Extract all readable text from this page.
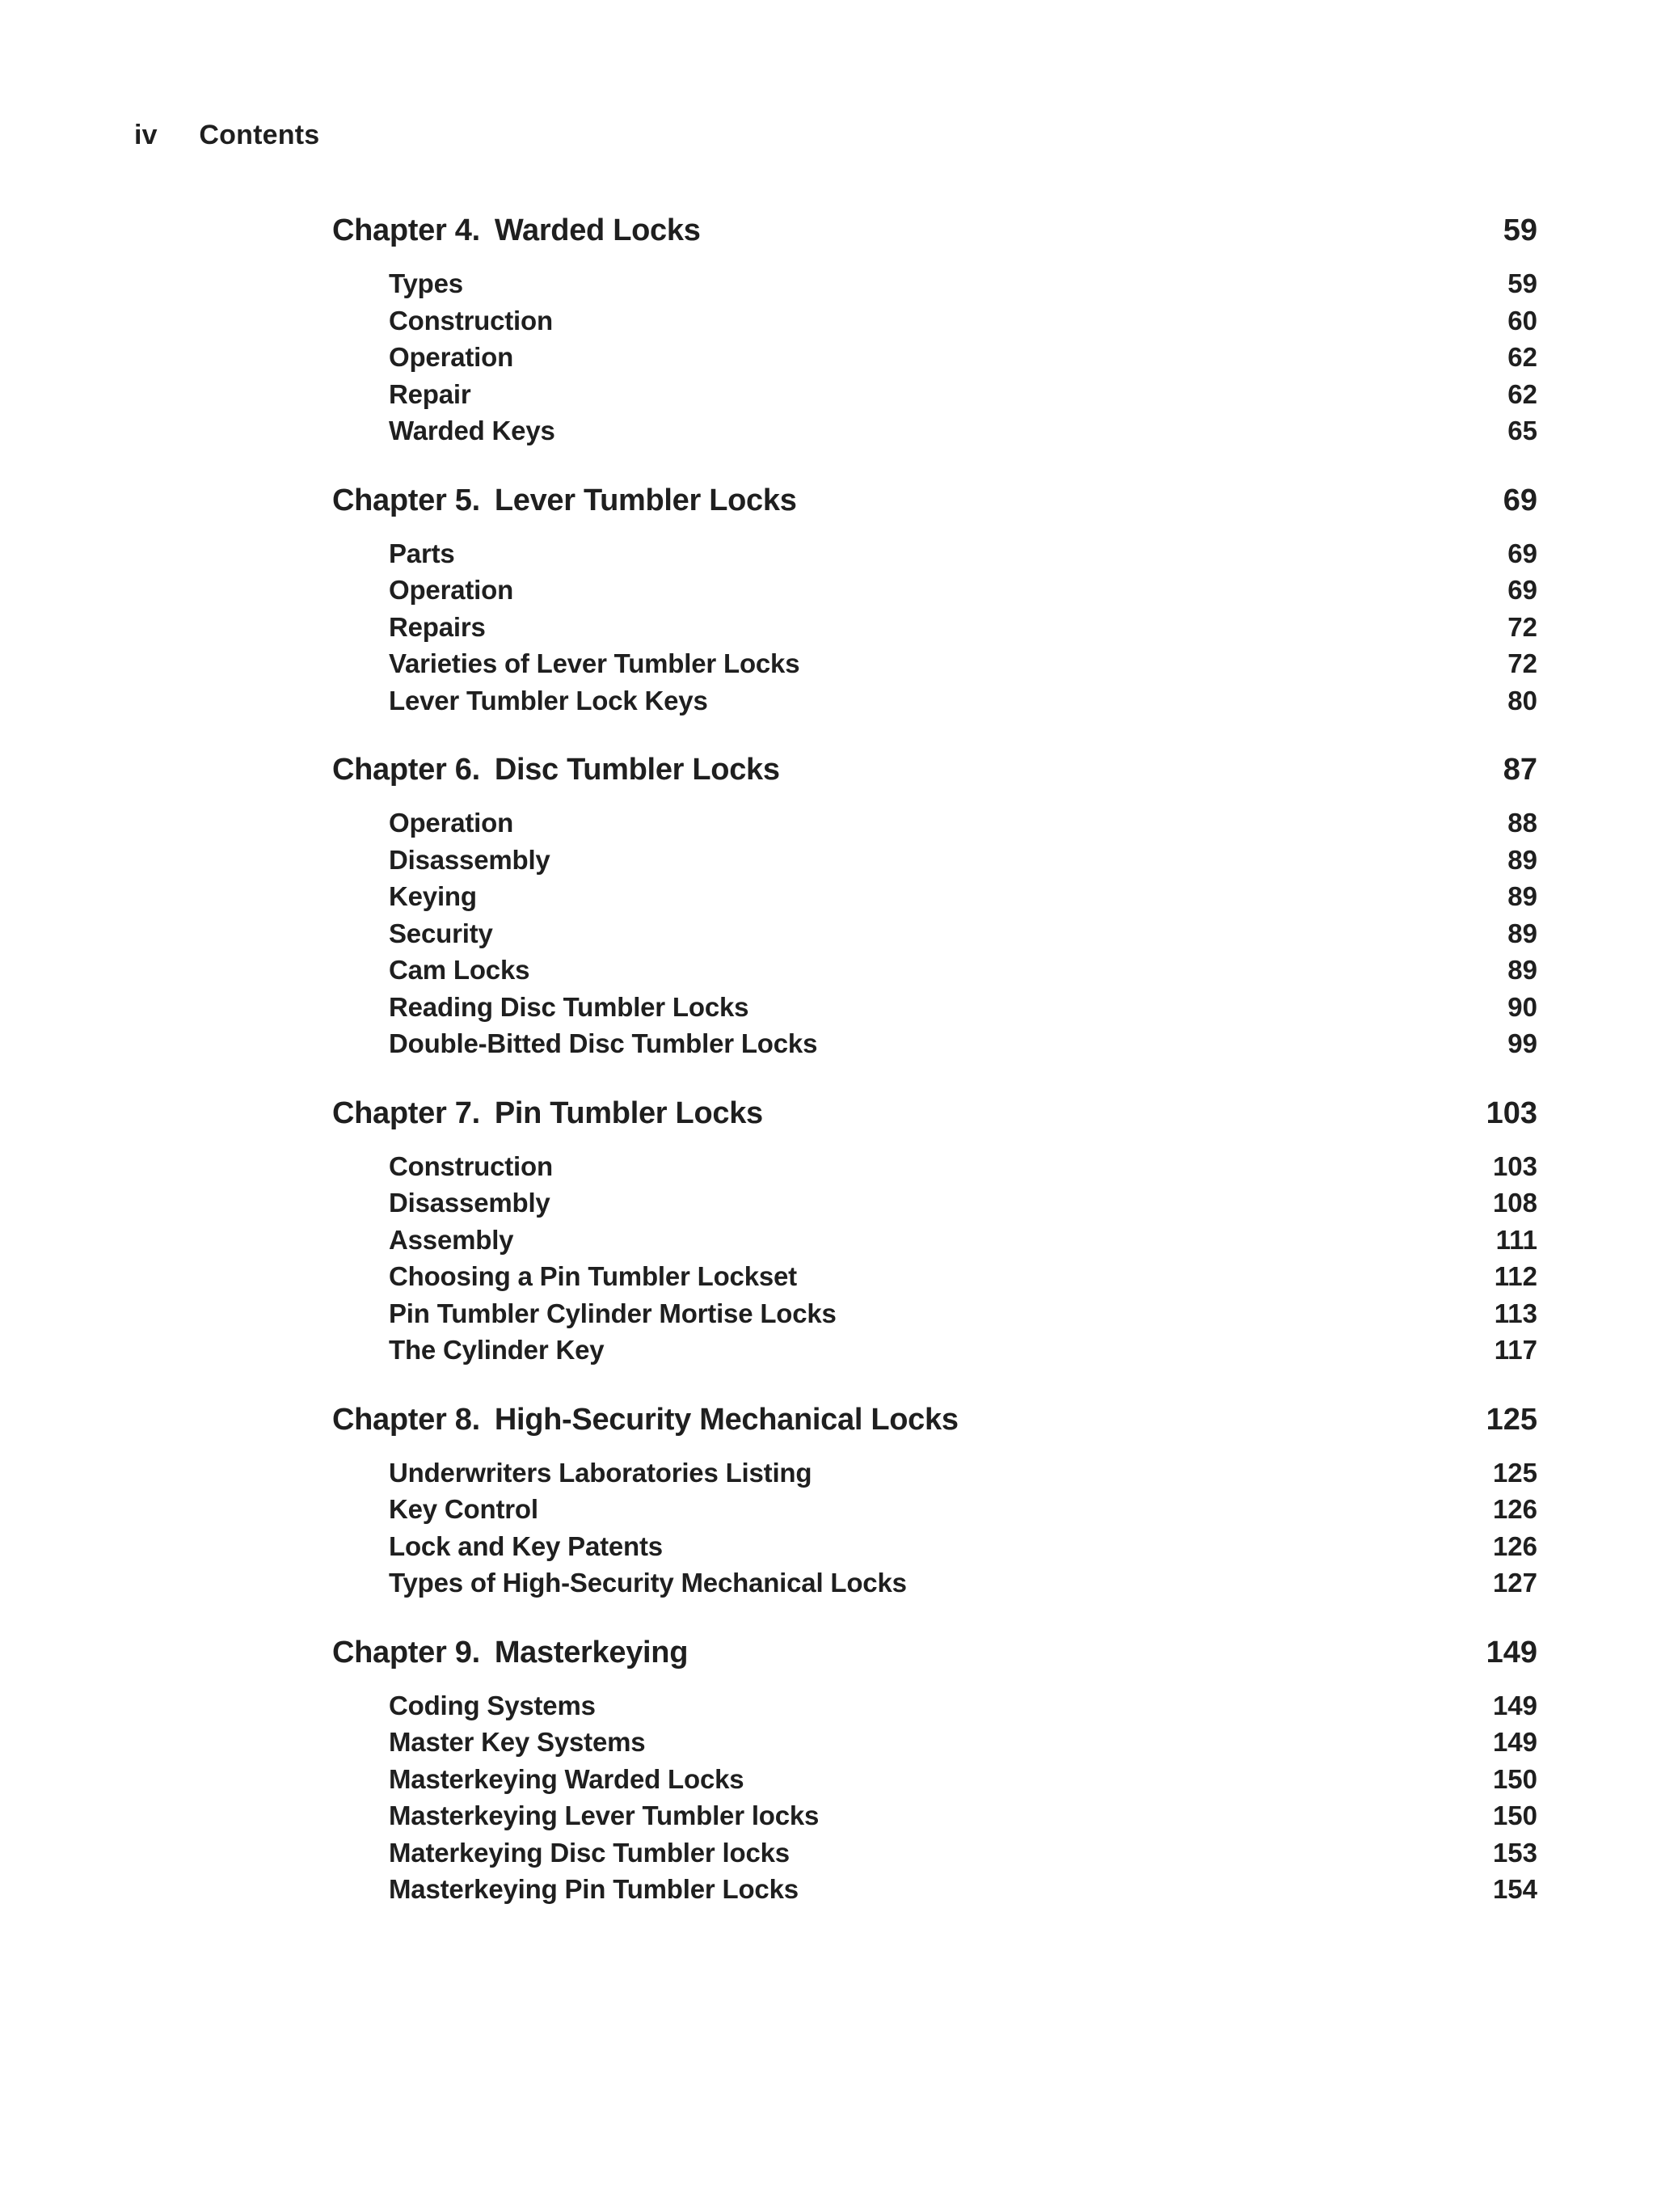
iv Contents
Chapter 4. Warded Locks	59
Types	59
Construction	60
Operation	62
Repair	62
Warded Keys	65
Chapter 5. Lever Tumbler Locks	69
Parts	69
Operation	69
Repairs	72
Varieties of Lever Tumbler Locks	72
Lever Tumbler Lock Keys	80
Chapter 6. Disc Tumbler Locks	87
Operation	88
Disassembly	89
Keying	89
Security	89
Cam Locks	89
Reading Disc Tumbler Locks	90
Double-Bitted Disc Tumbler Locks	99
Chapter 7. Pin Tumbler Locks	103
Construction	103
Disassembly	108
Assembly	111
Choosing a Pin Tumbler Lockset	112
Pin Tumbler Cylinder Mortise Locks	113
The Cylinder Key	117
Chapter 8. High-Security Mechanical Locks	125
Underwriters Laboratories Listing	125
Key Control	126
Lock and Key Patents	126
Types of High-Security Mechanical Locks	127
Chapter 9. Masterkeying	149
Coding Systems	149
Master Key Systems	149
Masterkeying Warded Locks	150
Masterkeying Lever Tumbler locks	150
Materkeying Disc Tumbler locks	153
Masterkeying Pin Tumbler Locks	154
